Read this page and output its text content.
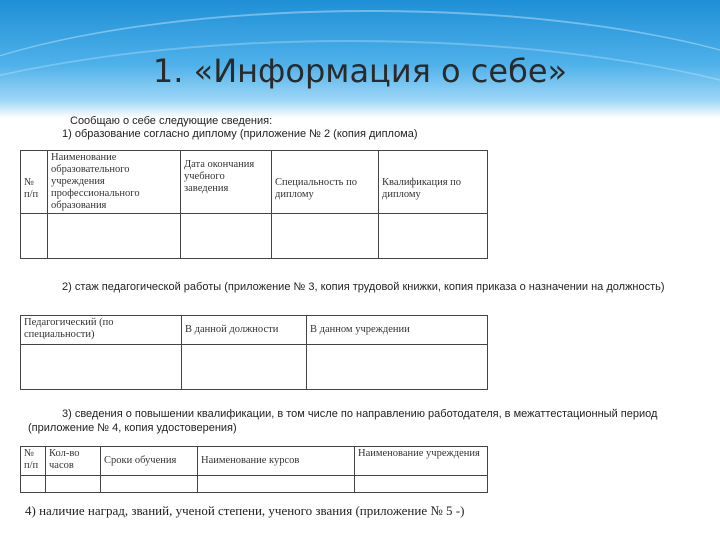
1. «Информация о себе»

Сообщаю о себе следующие сведения:

1) образование согласно диплому (приложение № 2 (копия диплома)

№ п/п	Наименование образовательного учреждения профессионального образования	Дата окончания учебного заведения	Специальность по диплому	Квалификация по диплому

2) стаж педагогической работы (приложение № 3, копия трудовой книжки, копия приказа о назначении на должность)

Педагогический (по специальности)	В данной должности	В данном учреждении

3) сведения о повышении квалификации, в том числе по направлению работодателя, в межаттестационный период (приложение № 4, копия удостоверения)

№ п/п	Кол-во часов	Сроки обучения	Наименование курсов	Наименование учреждения

4) наличие наград, званий, ученой степени, ученого звания (приложение № 5 -)
